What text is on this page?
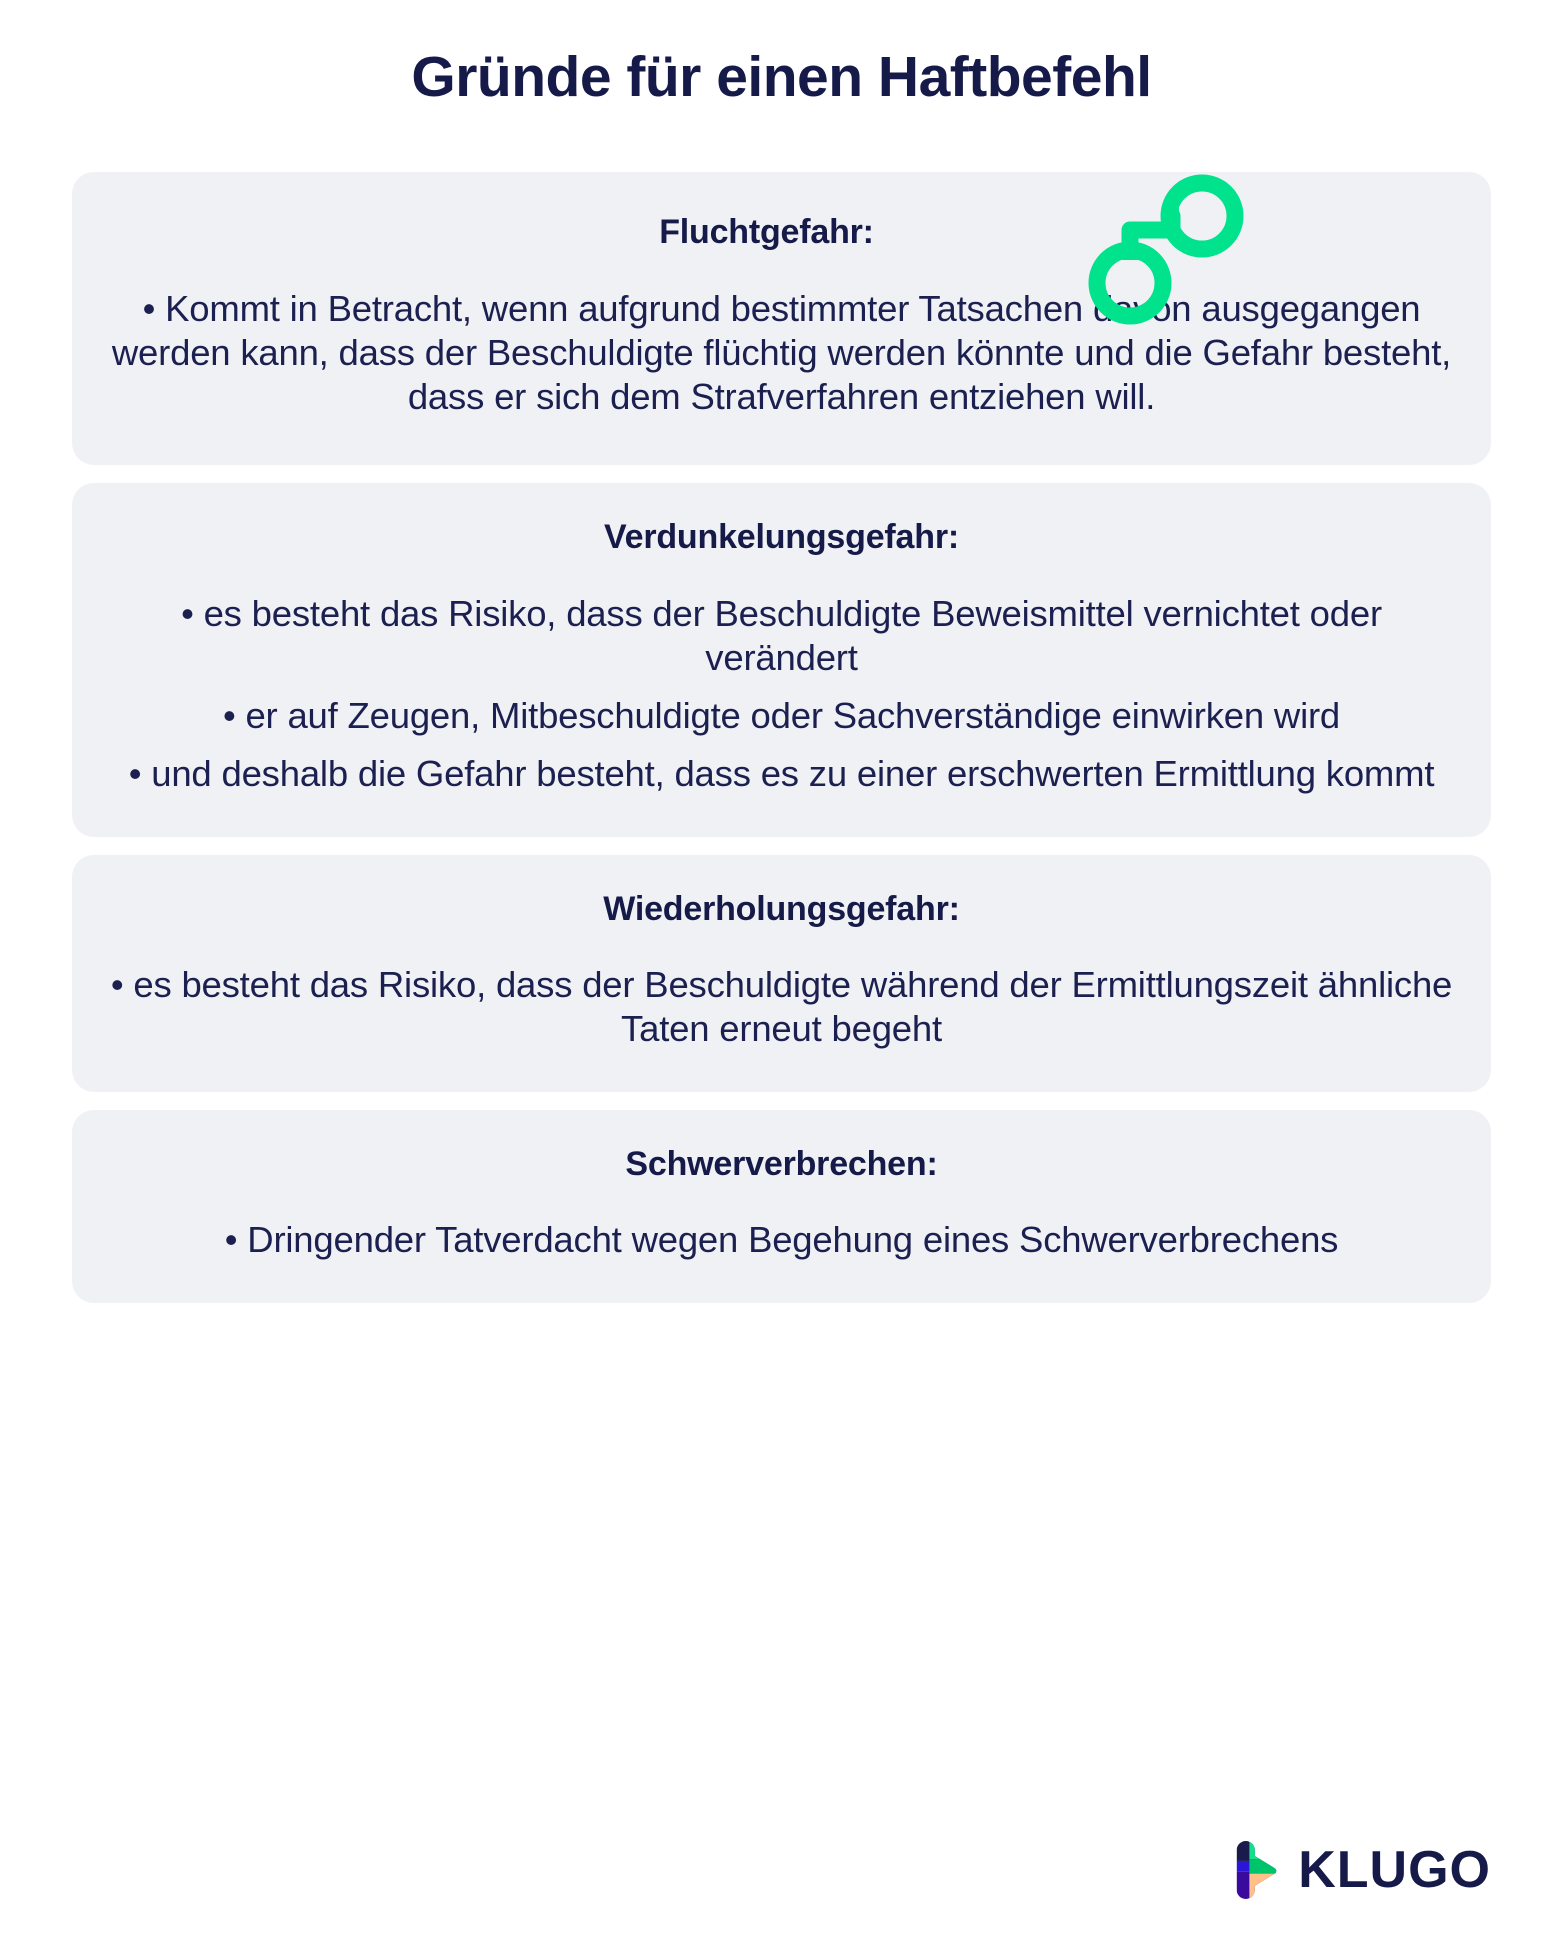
Gründe für einen Haftbefehl
Fluchtgefahr:

• Kommt in Betracht, wenn aufgrund bestimmter Tatsachen davon ausgegangen werden kann, dass der Beschuldigte flüchtig werden könnte und die Gefahr besteht, dass er sich dem Strafverfahren entziehen will.

Verdunkelungsgefahr:

• es besteht das Risiko, dass der Beschuldigte Beweismittel vernichtet oder verändert

• er auf Zeugen, Mitbeschuldigte oder Sachverständige einwirken wird

• und deshalb die Gefahr besteht, dass es zu einer erschwerten Ermittlung kommt

Wiederholungsgefahr:

• es besteht das Risiko, dass der Beschuldigte während der Ermittlungszeit ähnliche Taten erneut begeht

Schwerverbrechen:

• Dringender Tatverdacht wegen Begehung eines Schwerverbrechens

KLUGO
